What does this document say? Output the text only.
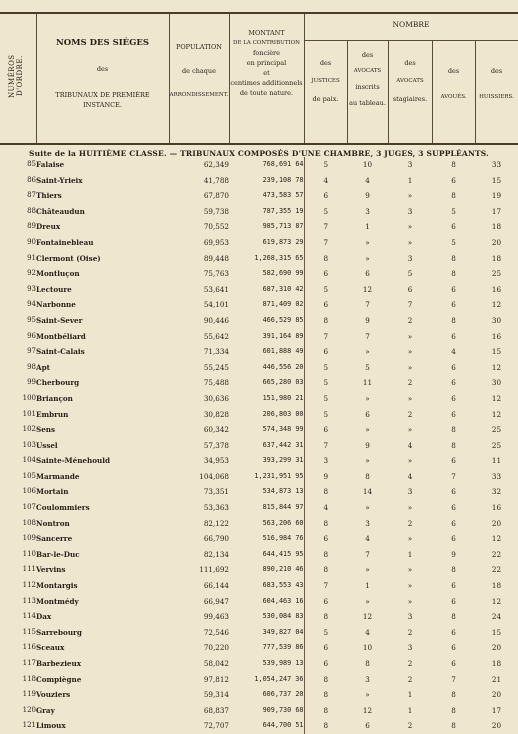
NUMÉROS D'ORDRE.
NOMS DES SIÉGES
des
TRIBUNAUX DE PREMIÈRE INSTANCE.
POPULATION
de chaque
ARRONDISSEMENT.
MONTANT
DE LA CONTRIBUTION
foncière
en principal
et
centimes additionnels
de toute nature.
NOMBRE
des
JUSTICES
de paix.
des
AVOCATS
inscrits
au tableau.
des
AVOCATS
stagiaires.
des
AVOUÉS.
des
HUISSIERS.
Suite de la HUITIÈME CLASSE. — TRIBUNAUX COMPOSÉS D'UNE CHAMBRE, 3 JUGES, 3 SUPPLÉANTS.
85	Falaise	62,349	768,691 64	5	10	3	8	33
86	Saint-Yrieix	41,788	239,108 78	4	4	1	6	15
87	Thiers	67,870	473,583 57	6	9	»	8	19
88	Châteaudun	59,738	787,355 19	5	3	3	5	17
89	Dreux	70,552	985,713 87	7	1	»	6	18
90	Fontainebleau	69,953	619,873 29	7	»	»	5	20
91	Clermont (Oise)	89,448	1,268,315 65	8	»	3	8	18
92	Montluçon	75,763	582,690 99	6	6	5	8	25
93	Lectoure	53,641	687,310 42	5	12	6	6	16
94	Narbonne	54,101	871,409 02	6	7	7	6	12
95	Saint-Sever	90,446	466,529 85	8	9	2	8	30
96	Montbéliard	55,642	391,164 89	7	7	»	6	16
97	Saint-Calais	71,334	601,888 49	6	»	»	4	15
98	Apt	55,245	446,556 20	5	5	»	6	12
99	Cherbourg	75,488	665,280 03	5	11	2	6	30
100	Briançon	30,636	151,980 21	5	»	»	6	12
101	Embrun	30,828	206,803 00	5	6	2	6	12
102	Sens	60,342	574,348 99	6	»	»	8	25
103	Ussel	57,378	637,442 31	7	9	4	8	25
104	Sainte-Ménehould	34,953	393,299 31	3	»	»	6	11
105	Marmande	104,068	1,231,951 95	9	8	4	7	33
106	Mortain	73,351	534,873 13	8	14	3	6	32
107	Coulommiers	53,363	815,844 97	4	»	»	6	16
108	Nontron	82,122	563,206 60	8	3	2	6	20
109	Sancerre	66,790	516,984 76	6	4	»	6	12
110	Bar-le-Duc	82,134	644,415 95	8	7	1	9	22
111	Vervins	111,692	890,210 46	8	»	»	8	22
112	Montargis	66,144	683,553 43	7	1	»	6	18
113	Montmédy	66,947	604,463 16	6	»	»	6	12
114	Dax	99,463	530,084 83	8	12	3	8	24
115	Sarrebourg	72,546	349,827 04	5	4	2	6	15
116	Sceaux	70,220	777,539 86	6	10	3	6	20
117	Barbezieux	58,042	539,989 13	6	8	2	6	18
118	Compiègne	97,812	1,054,247 36	8	3	2	7	21
119	Vouziers	59,314	606,737 20	8	»	1	8	20
120	Gray	68,837	909,730 68	8	12	1	8	17
121	Limoux	72,707	644,700 51	8	6	2	8	20
